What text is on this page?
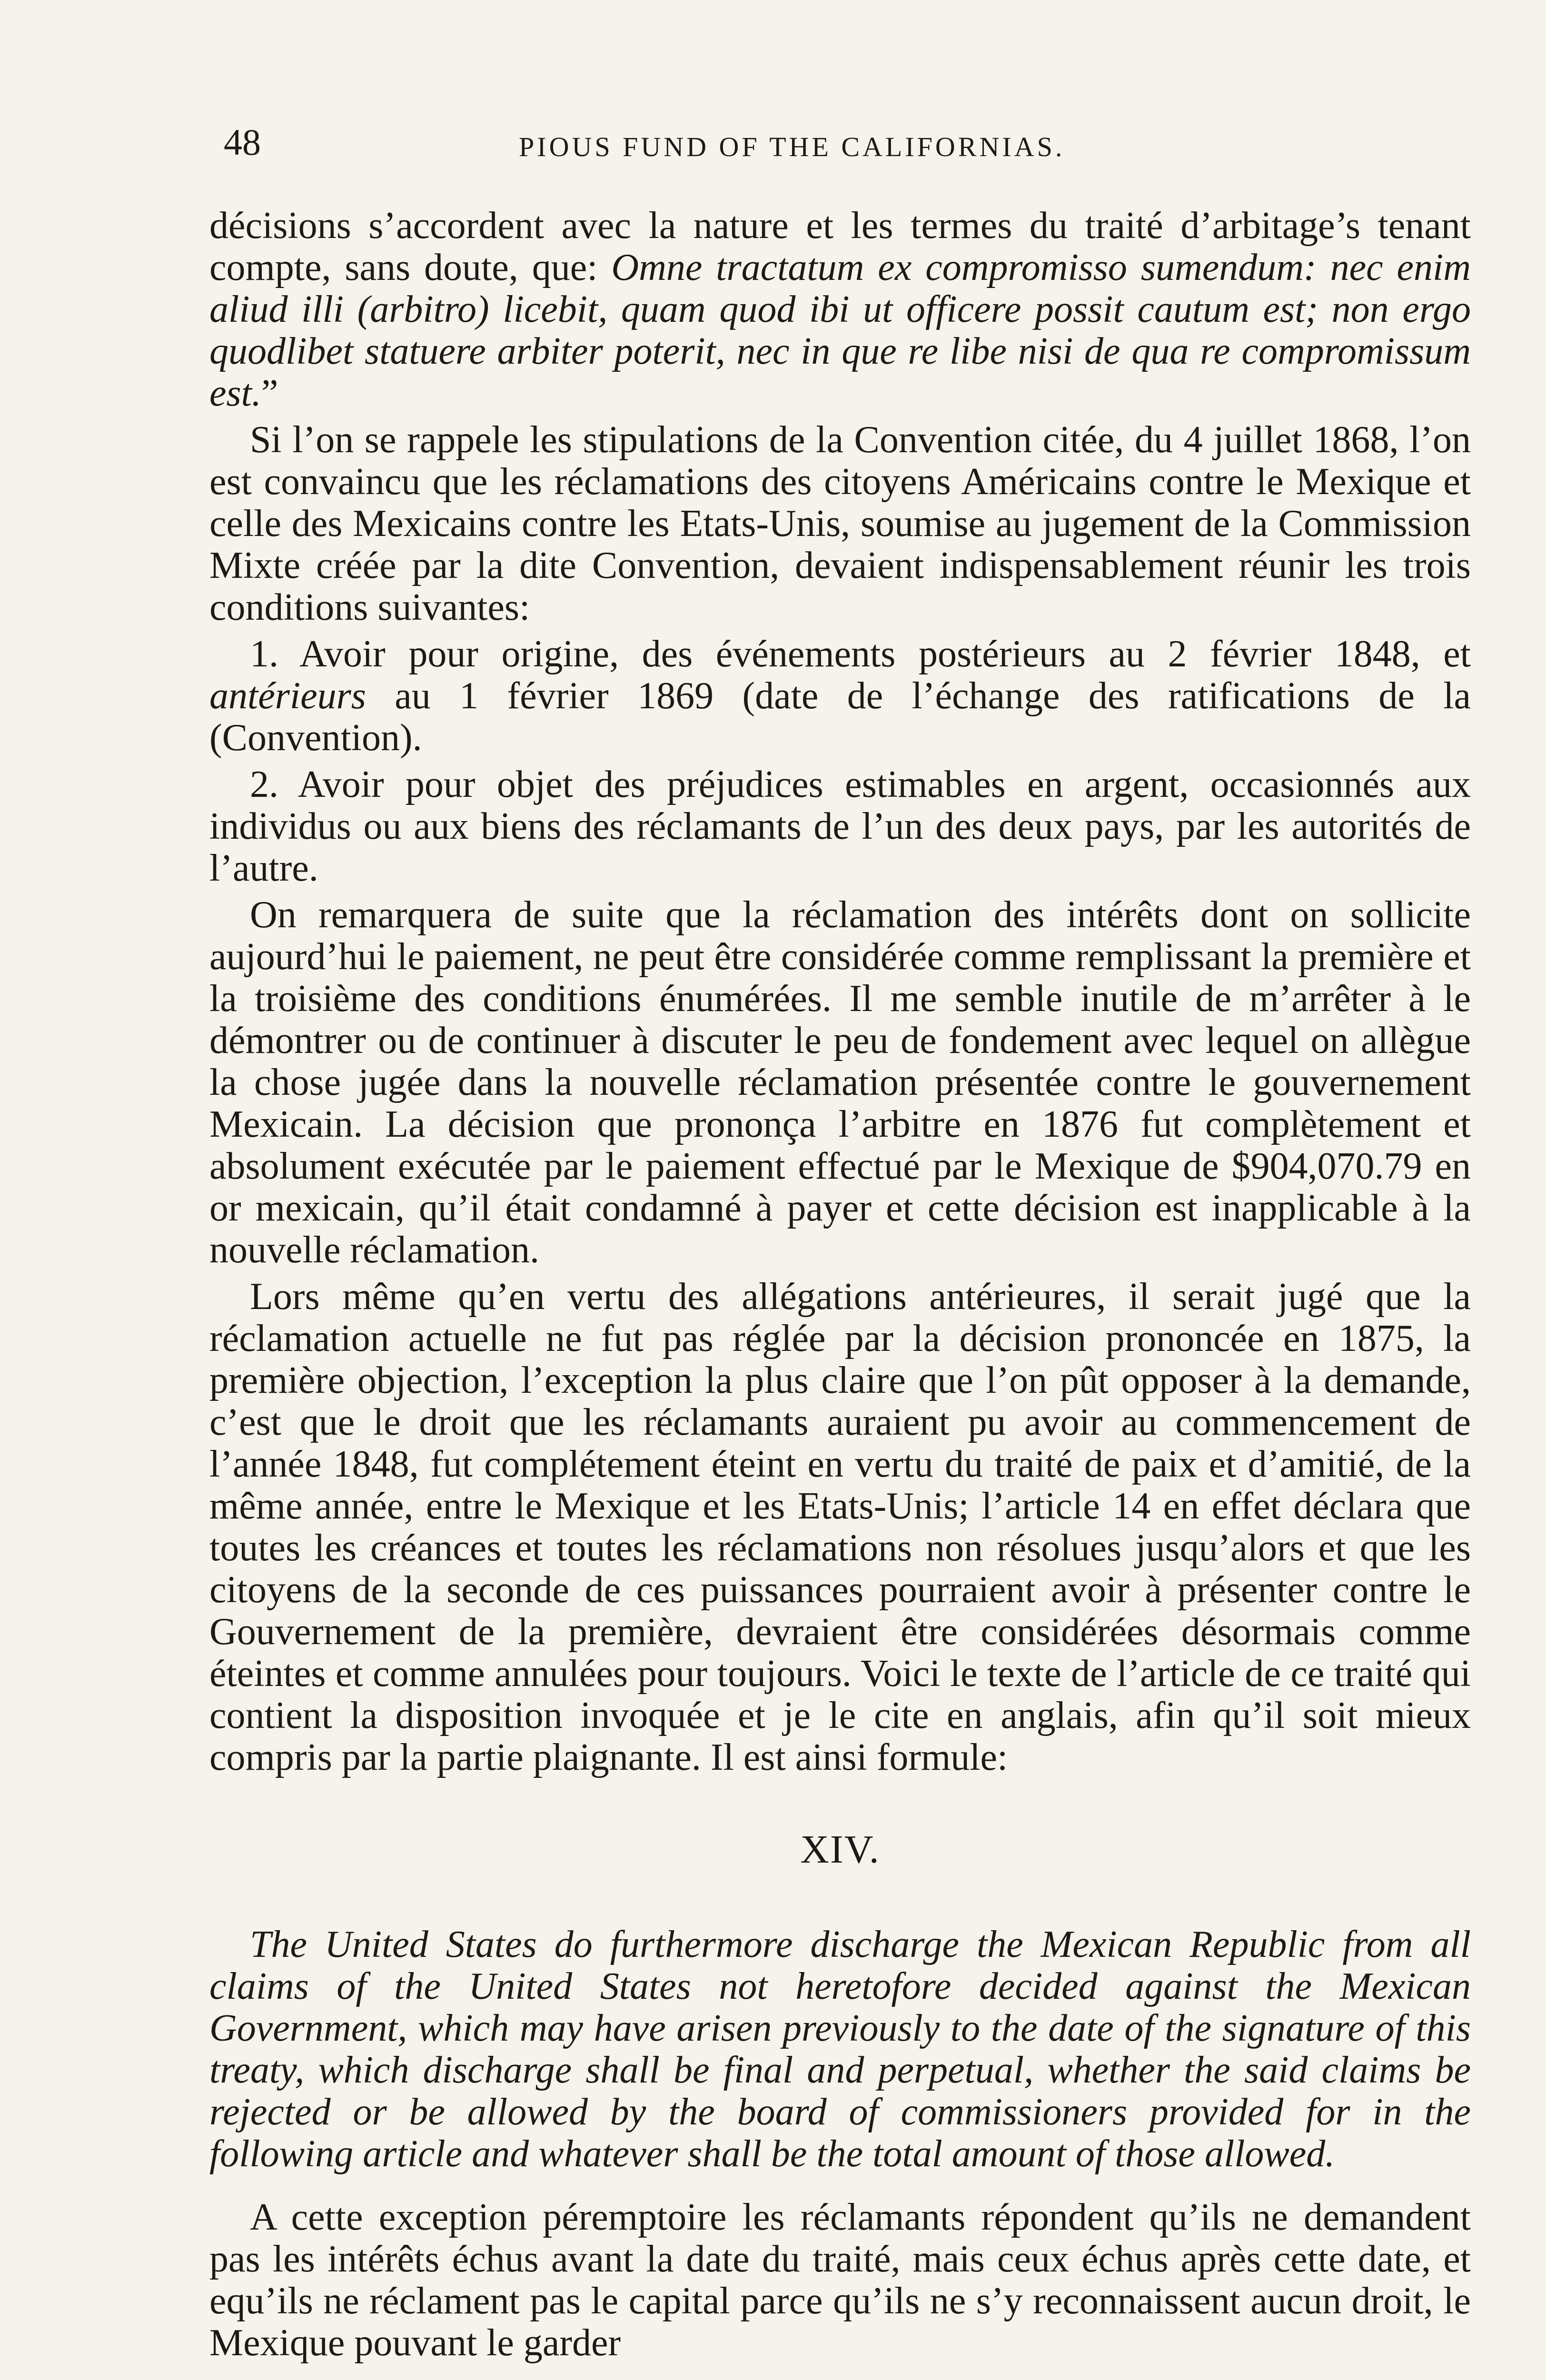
48	PIOUS FUND OF THE CALIFORNIAS.

décisions s’accordent avec la nature et les termes du traité d’arbitage’s tenant compte, sans doute, que: Omne tractatum ex compromisso sumendum: nec enim aliud illi (arbitro) licebit, quam quod ibi ut officere possit cautum est; non ergo quodlibet statuere arbiter poterit, nec in que re libe nisi de qua re compromissum est.”

Si l’on se rappele les stipulations de la Convention citée, du 4 juillet 1868, l’on est convaincu que les réclamations des citoyens Américains contre le Mexique et celle des Mexicains contre les Etats-Unis, soumise au jugement de la Commission Mixte créée par la dite Convention, devaient indispensablement réunir les trois conditions suivantes:

1. Avoir pour origine, des événements postérieurs au 2 février 1848, et antérieurs au 1 février 1869 (date de l’échange des ratifications de la (Convention).

2. Avoir pour objet des préjudices estimables en argent, occasionnés aux individus ou aux biens des réclamants de l’un des deux pays, par les autorités de l’autre.

On remarquera de suite que la réclamation des intérêts dont on sollicite aujourd’hui le paiement, ne peut être considérée comme remplissant la première et la troisième des conditions énumérées. Il me semble inutile de m’arrêter à le démontrer ou de continuer à discuter le peu de fondement avec lequel on allègue la chose jugée dans la nouvelle réclamation présentée contre le gouvernement Mexicain. La décision que prononça l’arbitre en 1876 fut complètement et absolument exécutée par le paiement effectué par le Mexique de $904,070.79 en or mexicain, qu’il était condamné à payer et cette décision est inapplicable à la nouvelle réclamation.

Lors même qu’en vertu des allégations antérieures, il serait jugé que la réclamation actuelle ne fut pas réglée par la décision prononcée en 1875, la première objection, l’exception la plus claire que l’on pût opposer à la demande, c’est que le droit que les réclamants auraient pu avoir au commencement de l’année 1848, fut complétement éteint en vertu du traité de paix et d’amitié, de la même année, entre le Mexique et les Etats-Unis; l’article 14 en effet déclara que toutes les créances et toutes les réclamations non résolues jusqu’alors et que les citoyens de la seconde de ces puissances pourraient avoir à présenter contre le Gouvernement de la première, devraient être considérées désormais comme éteintes et comme annulées pour toujours. Voici le texte de l’article de ce traité qui contient la disposition invoquée et je le cite en anglais, afin qu’il soit mieux compris par la partie plaignante. Il est ainsi formule:

XIV.

The United States do furthermore discharge the Mexican Republic from all claims of the United States not heretofore decided against the Mexican Government, which may have arisen previously to the date of the signature of this treaty, which discharge shall be final and perpetual, whether the said claims be rejected or be allowed by the board of commissioners provided for in the following article and whatever shall be the total amount of those allowed.

A cette exception péremptoire les réclamants répondent qu’ils ne demandent pas les intérêts échus avant la date du traité, mais ceux échus après cette date, et equ’ils ne réclament pas le capital parce qu’ils ne s’y reconnaissent aucun droit, le Mexique pouvant le garder
